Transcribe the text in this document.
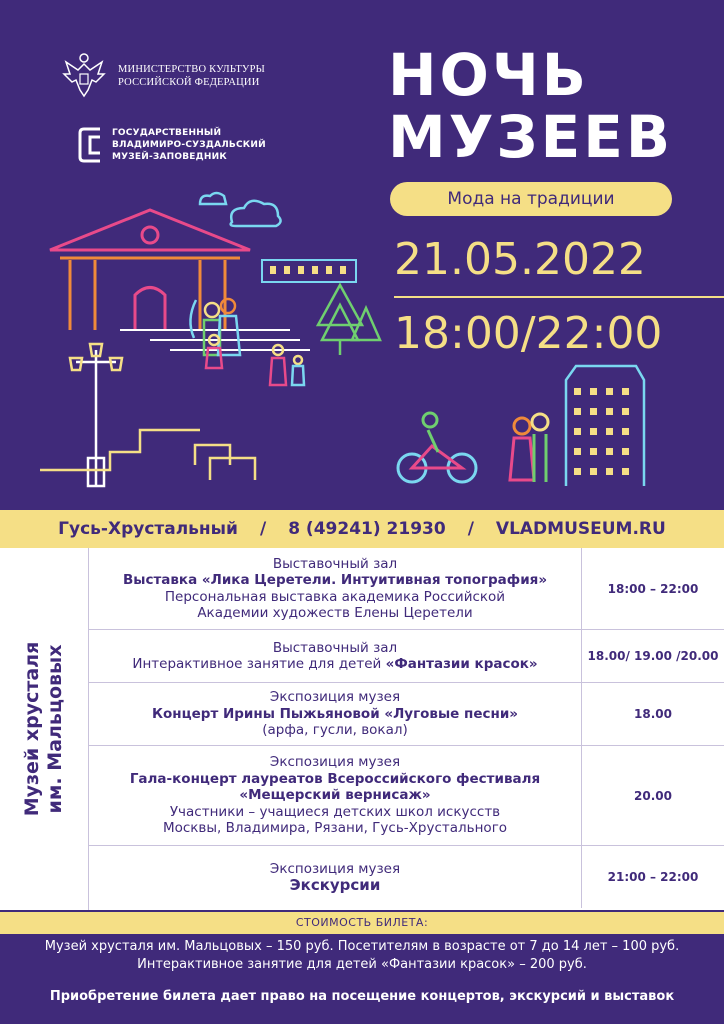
МИНИСТЕРСТВО КУЛЬТУРЫ
РОССИЙСКОЙ ФЕДЕРАЦИИ
ГОСУДАРСТВЕННЫЙ
ВЛАДИМИРО-СУЗДАЛЬСКИЙ
МУЗЕЙ-ЗАПОВЕДНИК
НОЧЬ
МУЗЕЕВ
Мода на традиции
21.05.2022
18:00/22:00
Гусь-Хрустальный / 8 (49241) 21930 / VLADMUSEUM.RU
Музей хрусталя им. Мальцовых
Выставочный зал
Выставка «Лика Церетели. Интуитивная топография»
Персональная выставка академика Российской
Академии художеств Елены Церетели
18:00 – 22:00
Выставочный зал
Интерактивное занятие для детей «Фантазии красок»	18.00/ 19.00 /20.00
Экспозиция музея
Концерт Ирины Пыжьяновой «Луговые песни»
(арфа, гусли, вокал)
18.00
Экспозиция музея
Гала-концерт лауреатов Всероссийского фестиваля
«Мещерский вернисаж»
Участники – учащиеся детских школ искусств
Москвы, Владимира, Рязани, Гусь-Хрустального
20.00
Экспозиция музея
Экскурсии	21:00 – 22:00
СТОИМОСТЬ БИЛЕТА:
Музей хрусталя им. Мальцовых – 150 руб. Посетителям в возрасте от 7 до 14 лет – 100 руб.
Интерактивное занятие для детей «Фантазии красок» – 200 руб.
Приобретение билета дает право на посещение концертов, экскурсий и выставок
